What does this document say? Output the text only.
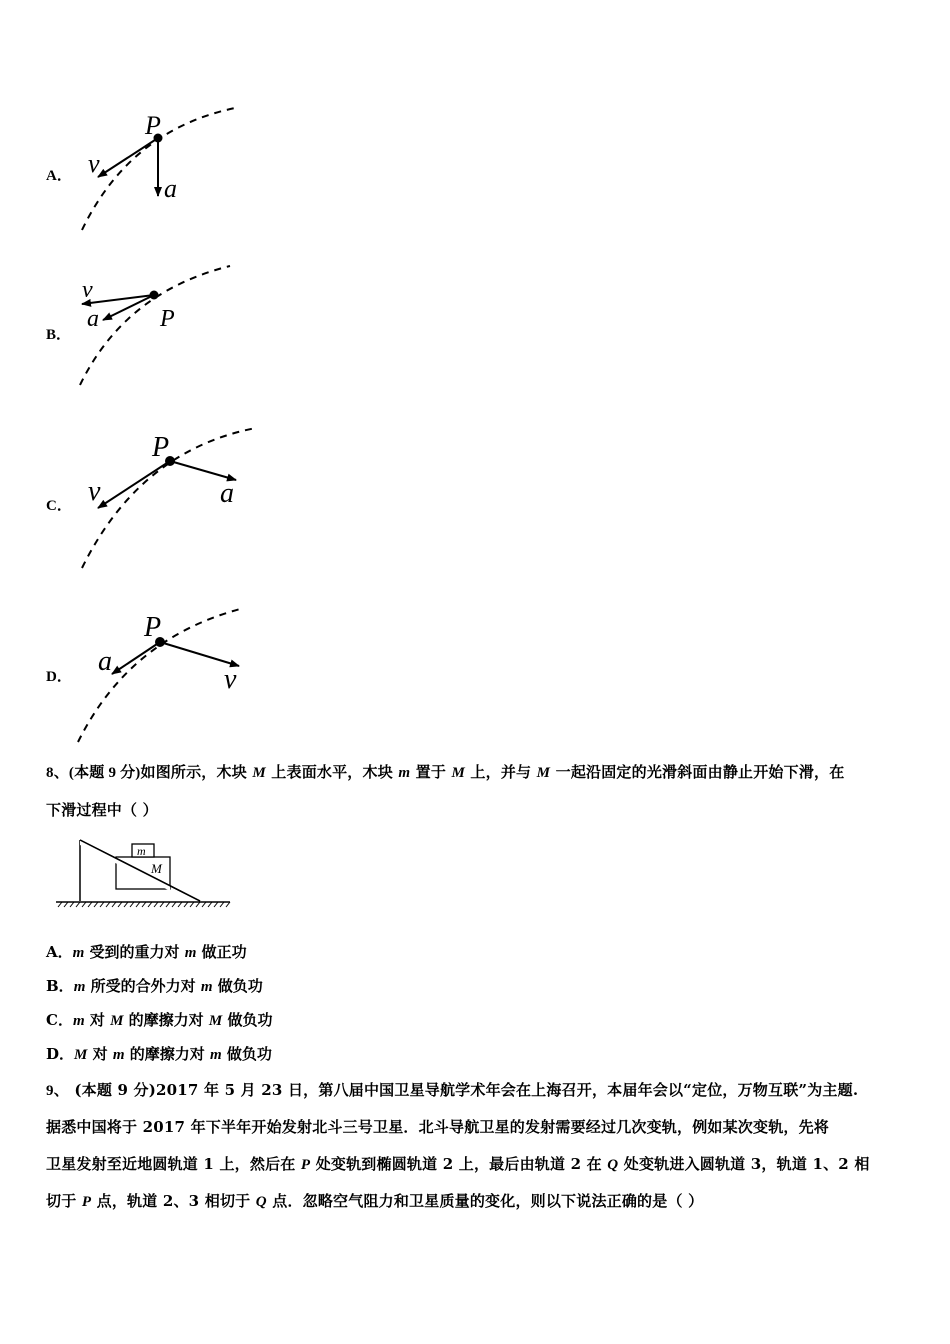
A．
P
v
a
B．
v
a	P
C．
P
v	a
D．
P
a
v
8、(本题 9 分)如图所示，木块 M 上表面水平，木块 m 置于 M 上，并与 M 一起沿固定的光滑斜面由静止开始下滑，在
下滑过程中（ ）
m
M
A．m 受到的重力对 m 做正功
B．m 所受的合外力对 m 做负功
C．m 对 M 的摩擦力对 M 做负功
D．M 对 m 的摩擦力对 m 做负功
9、 (本题 9 分)2017 年 5 月 23 日，第八届中国卫星导航学术年会在上海召开，本届年会以“定位，万物互联”为主题.
据悉中国将于 2017 年下半年开始发射北斗三号卫星．北斗导航卫星的发射需要经过几次变轨，例如某次变轨，先将
卫星发射至近地圆轨道 1 上，然后在 P 处变轨到椭圆轨道 2 上，最后由轨道 2 在 Q 处变轨进入圆轨道 3，轨道 1、2 相
切于 P 点，轨道 2、3 相切于 Q 点．忽略空气阻力和卫星质量的变化，则以下说法正确的是（ ）
